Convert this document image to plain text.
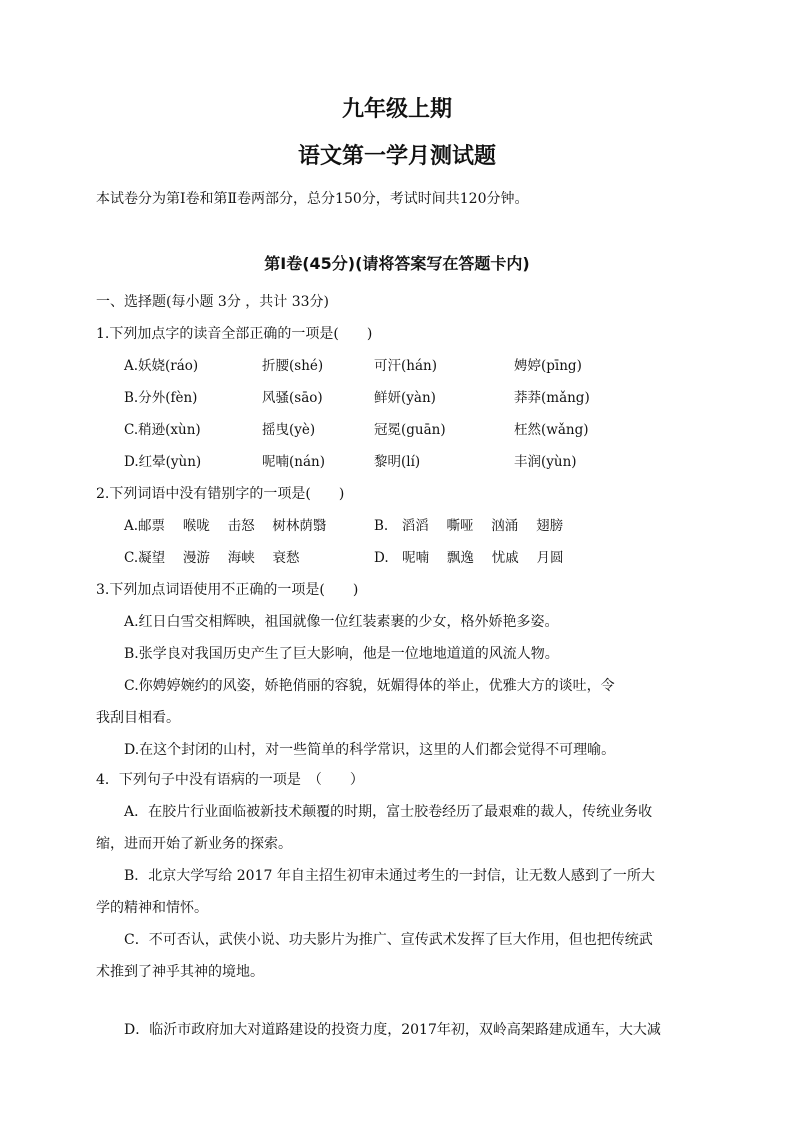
九年级上期
语文第一学月测试题
本试卷分为第Ⅰ卷和第Ⅱ卷两部分，总分150分，考试时间共120分钟。
第Ⅰ卷(45分)(请将答案写在答题卡内)
一、选择题(每小题 3分 ，共计 33分)
1.下列加点字的读音全部正确的一项是(　　)
A.妖娆(ráo)	折腰(shé)	可汗(hán)	娉婷(pīng)
B.分外(fèn)	风骚(sāo)	鲜妍(yàn)	莽莽(mǎng)
C.稍逊(xùn)	摇曳(yè)	冠冕(guān)	枉然(wǎng)
D.红晕(yùn)	呢喃(nán)	黎明(lí)	丰润(yùn)
2.下列词语中没有错别字的一项是(　　)
A.邮票　 喉咙　 击怒　 树林荫翳	B.　滔滔　 嘶哑　 汹涌　 翅膀
C.凝望　 漫游　 海峡　 衰愁	D.　呢喃　 飘逸　 忧戚　 月圆
3.下列加点词语使用不正确的一项是(　　)
A.红日白雪交相辉映，祖国就像一位红装素裹的少女，格外娇艳多姿。
B.张学良对我国历史产生了巨大影响，他是一位地地道道的风流人物。
C.你娉婷婉约的风姿，娇艳俏丽的容貌，妩媚得体的举止，优雅大方的谈吐，令
我刮目相看。
D.在这个封闭的山村，对一些简单的科学常识，这里的人们都会觉得不可理喻。
4．下列句子中没有语病的一项是　（　　）
A．在胶片行业面临被新技术颠覆的时期，富士胶卷经历了最艰难的裁人，传统业务收
缩，进而开始了新业务的探索。
B．北京大学写给 2017 年自主招生初审未通过考生的一封信，让无数人感到了一所大
学的精神和情怀。
C．不可否认，武侠小说、功夫影片为推广、宣传武术发挥了巨大作用，但也把传统武
术推到了神乎其神的境地。
D．临沂市政府加大对道路建设的投资力度，2017年初，双岭高架路建成通车，大大减
